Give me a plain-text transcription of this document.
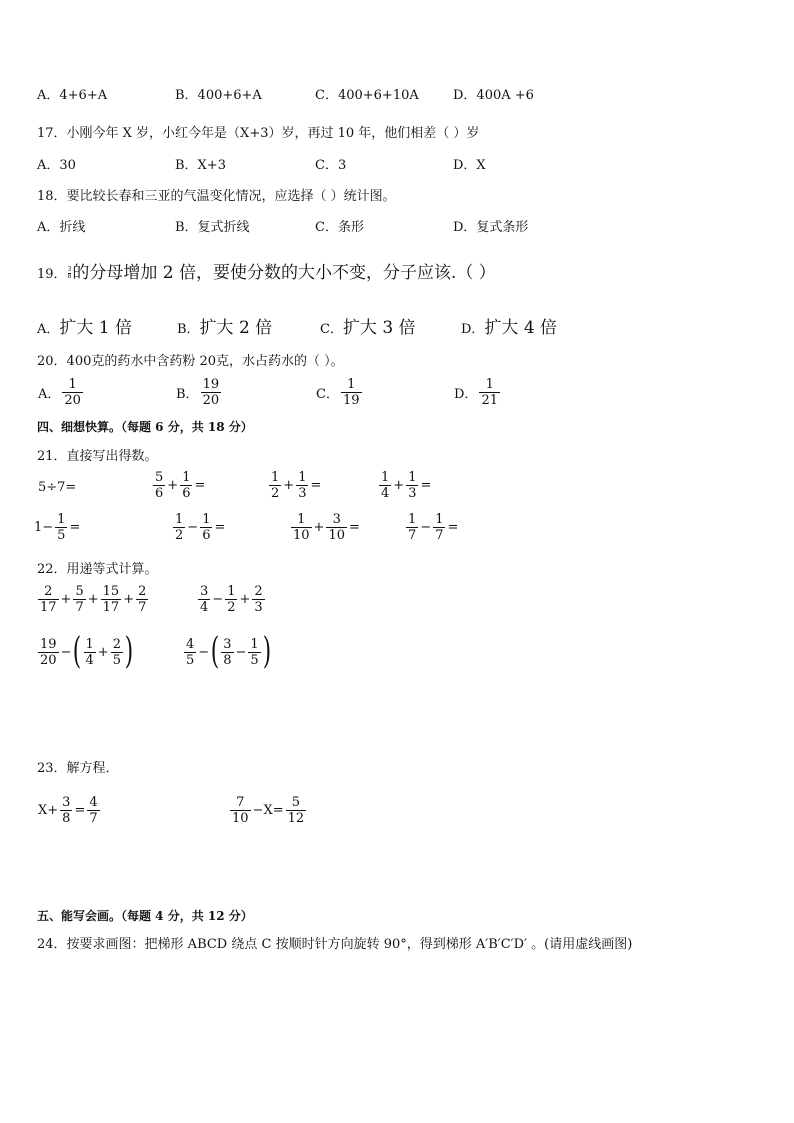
A．4+6+A	B．400+6+A	C．400+6+10A	D．400A +6
17．小刚今年 X 岁，小红今年是（X+3）岁，再过 10 年，他们相差（ ）岁
A．30	B．X+3	C．3	D．X
18．要比较长春和三亚的气温变化情况，应选择（ ）统计图。
A．折线	B．复式折线	C．条形	D．复式条形
19． $\frac{3}{8}$ 的分母增加 2 倍，要使分数的大小不变，分子应该.（ ）
A．扩大 1 倍	B．扩大 2 倍	C．扩大 3 倍	D．扩大 4 倍
20．400克的药水中含药粉 20克，水占药水的（ ）。
A． $\frac{1}{20}$	B． $\frac{19}{20}$	C． $\frac{1}{19}$	D． $\frac{1}{21}$
四、细想快算。（每题 6 分，共 18 分）
21．直接写出得数。
5÷7=	$\frac{5}{6} + \frac{1}{6}$ =	$\frac{1}{2} + \frac{1}{3}$ =	$\frac{1}{4} + \frac{1}{3}$ =
$1- \frac{1}{5}$ =	$\frac{1}{2} - \frac{1}{6}$ =	$\frac{1}{10} + \frac{3}{10}$ =	$\frac{1}{7} - \frac{1}{7}$ =
22．用递等式计算。
$\frac{2}{17} + \frac{5}{7} + \frac{15}{17} + \frac{2}{7}$	$\frac{3}{4} - \frac{1}{2} + \frac{2}{3}$
$\frac{19}{20}$ −( $\frac{1}{4} + \frac{2}{5}$ )	$\frac{4}{5}$ −( $\frac{3}{8} - \frac{1}{5}$ )
23．解方程．
$X+ \frac{3}{8} = \frac{4}{7}$	$\frac{7}{10} -X= \frac{5}{12}$
五、能写会画。（每题 4 分，共 12 分）
24．按要求画图：把梯形 ABCD 绕点 C 按顺时针方向旋转 90°，得到梯形 A′B′C′D′ 。(请用虚线画图)
